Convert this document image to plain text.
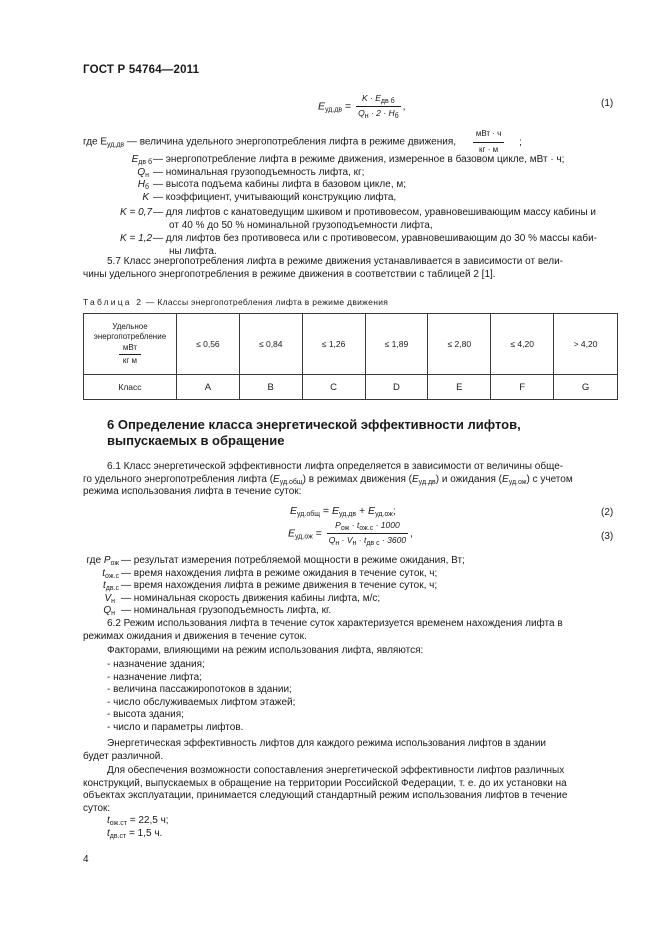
ГОСТ Р 54764—2011
$E_{уд.дв} = \frac{K \cdot E_{дв б}}{Q_н \cdot 2 \cdot H_б}$ ,	(1)
где $E_{уд.дв}$ — величина удельного энергопотребления лифта в режиме движения, $\frac{\text{мВт · ч}}{кг \cdot м}$ ;
$E_{дв б}$ — энергопотребление лифта в режиме движения, измеренное в базовом цикле, мВт · ч;
$Q_н$ — номинальная грузоподъемность лифта, кг;
$H_б$ — высота подъема кабины лифта в базовом цикле, м;
K — коэффициент, учитывающий конструкцию лифта,
K = 0,7 — для лифтов с канатоведущим шкивом и противовесом, уравновешивающим массу кабины и
от 40 % до 50 % номинальной грузоподъемности лифта,
K = 1,2 — для лифтов без противовеса или с противовесом, уравновешивающим до 30 % массы каби-
ны лифта.
5.7 Класс энергопотребления лифта в режиме движения устанавливается в зависимости от вели-
чины удельного энергопотребления в режиме движения в соответствии с таблицей 2 [1].
Таблица 2 — Классы энергопотребления лифта в режиме движения
Удельное
энергопотребление
$\frac{\text{мВт}}{\text{кг м}}$	≤ 0,56	≤ 0,84	≤ 1,26	≤ 1,89	≤ 2,80	≤ 4,20	> 4,20
Класс	A	B	C	D	E	F	G
6 Определение класса энергетической эффективности лифтов,
выпускаемых в обращение
6.1 Класс энергетической эффективности лифта определяется в зависимости от величины обще-
го удельного энергопотребления лифта $(E_{уд.общ})$ в режимах движения $(E_{уд.дв})$ и ожидания $(E_{уд.ож})$ с учетом
режима использования лифта в течение суток:
$E_{уд.общ} = E_{уд.дв} + E_{уд.ож}$;	(2)
$E_{уд.ож} = \frac{P_{ож} \cdot t_{ож.с} \cdot 1000}{Q_н \cdot V_н \cdot t_{дв с} \cdot 3600}$ ,	(3)
где $P_{ож}$ — результат измерения потребляемой мощности в режиме ожидания, Вт;
$t_{ож.с}$ — время нахождения лифта в режиме ожидания в течение суток, ч;
$t_{дв.с}$ — время нахождения лифта в режиме движения в течение суток, ч;
$V_н$ — номинальная скорость движения кабины лифта, м/с;
$Q_н$ — номинальная грузоподъемность лифта, кг.
6.2 Режим использования лифта в течение суток характеризуется временем нахождения лифта в
режимах ожидания и движения в течение суток.
Факторами, влияющими на режим использования лифта, являются:
- назначение здания;
- назначение лифта;
- величина пассажиропотоков в здании;
- число обслуживаемых лифтом этажей;
- высота здания;
- число и параметры лифтов.
Энергетическая эффективность лифтов для каждого режима использования лифтов в здании
будет различной.
Для обеспечения возможности сопоставления энергетической эффективности лифтов различных
конструкций, выпускаемых в обращение на территории Российской Федерации, т. е. до их установки на
объектах эксплуатации, принимается следующий стандартный режим использования лифтов в течение
суток:
$t_{ож.ст} = 22,5$ ч;
$t_{дв.ст} = 1,5$ ч.
4
